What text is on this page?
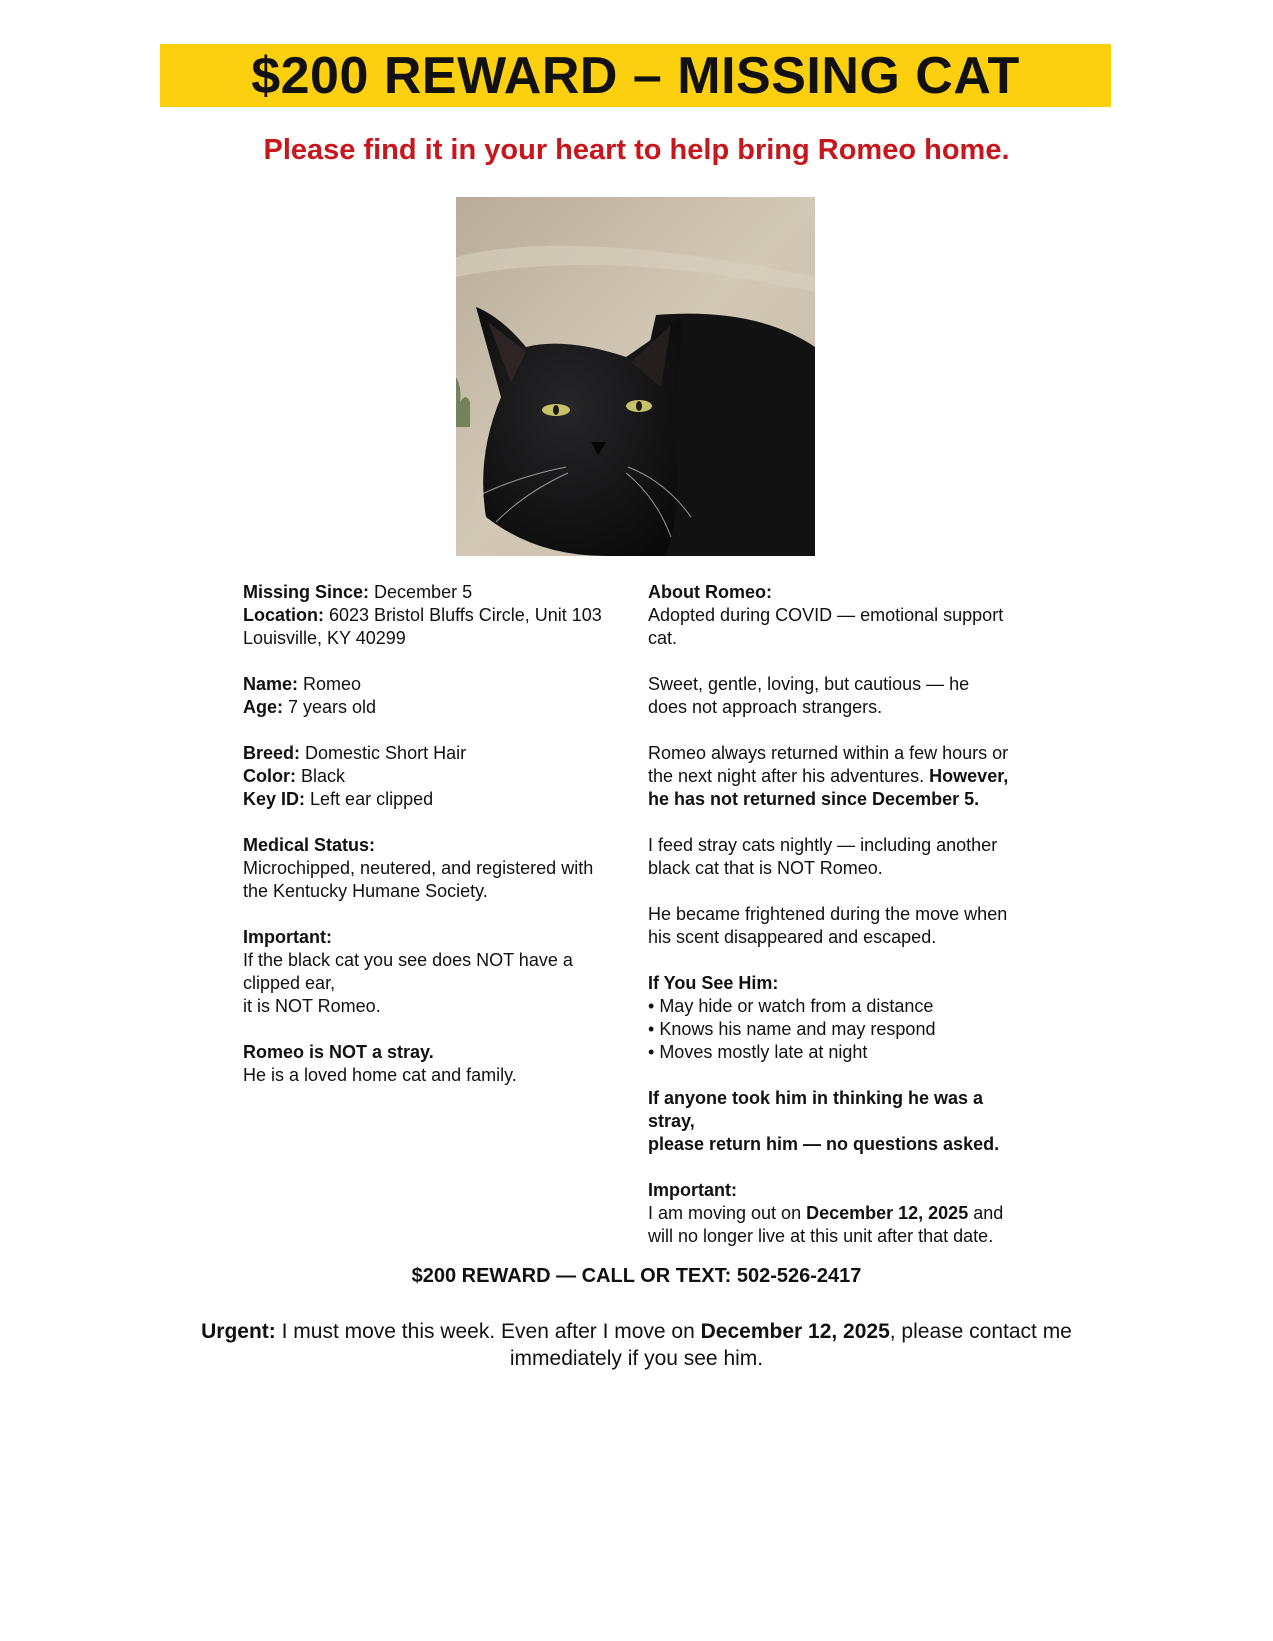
$200 REWARD – MISSING CAT
Please find it in your heart to help bring Romeo home.

Missing Since: December 5

Location: 6023 Bristol Bluffs Circle, Unit 103

Louisville, KY 40299

Name: Romeo

Age: 7 years old

Breed: Domestic Short Hair

Color: Black

Key ID: Left ear clipped

Medical Status:

Microchipped, neutered, and registered with

the Kentucky Humane Society.

Important:

If the black cat you see does NOT have a

clipped ear,

it is NOT Romeo.

Romeo is NOT a stray.

He is a loved home cat and family.

About Romeo:

Adopted during COVID — emotional support

cat.

Sweet, gentle, loving, but cautious — he

does not approach strangers.

Romeo always returned within a few hours or

the next night after his adventures. However,

he has not returned since December 5.

I feed stray cats nightly — including another

black cat that is NOT Romeo.

He became frightened during the move when

his scent disappeared and escaped.

If You See Him:

• May hide or watch from a distance

• Knows his name and may respond

• Moves mostly late at night

If anyone took him in thinking he was a

stray,

please return him — no questions asked.

Important:

I am moving out on December 12, 2025 and

will no longer live at this unit after that date.

$200 REWARD — CALL OR TEXT: 502-526-2417
Urgent: I must move this week. Even after I move on December 12, 2025, please contact me immediately if you see him.
